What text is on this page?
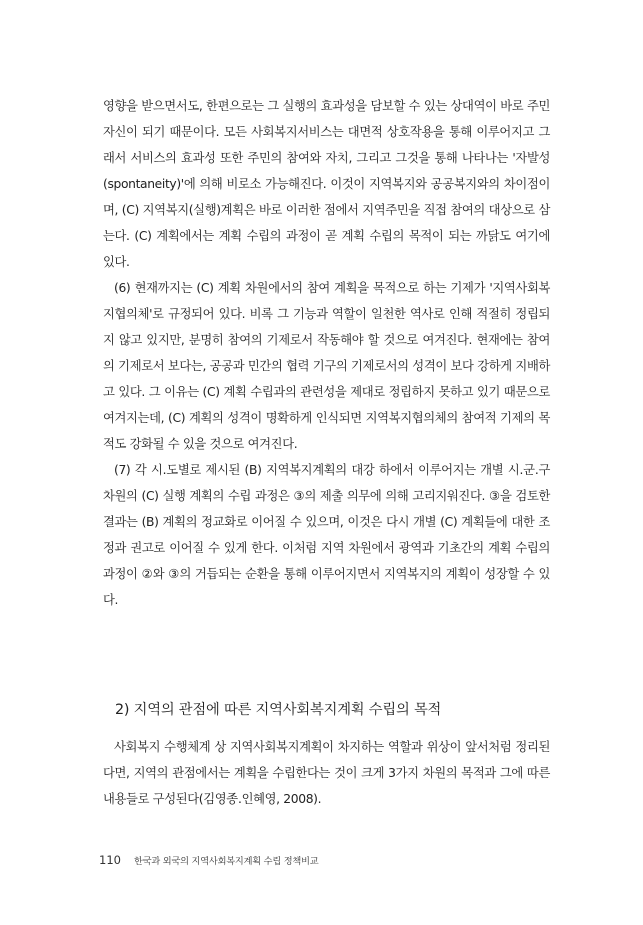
영향을 받으면서도, 한편으로는 그 실행의 효과성을 담보할 수 있는 상대역이 바로 주민 자신이 되기 때문이다. 모든 사회복지서비스는 대면적 상호작용을 통해 이루어지고 그래서 서비스의 효과성 또한 주민의 참여와 자치, 그리고 그것을 통해 나타나는 '자발성(spontaneity)'에 의해 비로소 가능해진다. 이것이 지역복지와 공공복지와의 차이점이며, (C) 지역복지(실행)계획은 바로 이러한 점에서 지역주민을 직접 참여의 대상으로 삼는다. (C) 계획에서는 계획 수립의 과정이 곧 계획 수립의 목적이 되는 까닭도 여기에 있다.

(6) 현재까지는 (C) 계획 차원에서의 참여 계획을 목적으로 하는 기제가 '지역사회복지협의체'로 규정되어 있다. 비록 그 기능과 역할이 일천한 역사로 인해 적절히 정립되지 않고 있지만, 분명히 참여의 기제로서 작동해야 할 것으로 여겨진다. 현재에는 참여의 기제로서 보다는, 공공과 민간의 협력 기구의 기제로서의 성격이 보다 강하게 지배하고 있다. 그 이유는 (C) 계획 수립과의 관련성을 제대로 정립하지 못하고 있기 때문으로 여겨지는데, (C) 계획의 성격이 명확하게 인식되면 지역복지협의체의 참여적 기제의 목적도 강화될 수 있을 것으로 여겨진다.

(7) 각 시․도별로 제시된 (B) 지역복지계획의 대강 하에서 이루어지는 개별 시․군․구 차원의 (C) 실행 계획의 수립 과정은 ③의 제출 의무에 의해 고리지워진다. ③을 검토한 결과는 (B) 계획의 정교화로 이어질 수 있으며, 이것은 다시 개별 (C) 계획들에 대한 조정과 권고로 이어질 수 있게 한다. 이처럼 지역 차원에서 광역과 기초간의 계획 수립의 과정이 ②와 ③의 거듭되는 순환을 통해 이루어지면서 지역복지의 계획이 성장할 수 있다.

2) 지역의 관점에 따른 지역사회복지계획 수립의 목적

사회복지 수행체계 상 지역사회복지계획이 차지하는 역할과 위상이 앞서처럼 정리된다면, 지역의 관점에서는 계획을 수립한다는 것이 크게 3가지 차원의 목적과 그에 따른 내용들로 구성된다(김영종․인혜영, 2008).

110 한국과 외국의 지역사회복지계획 수립 정책비교
